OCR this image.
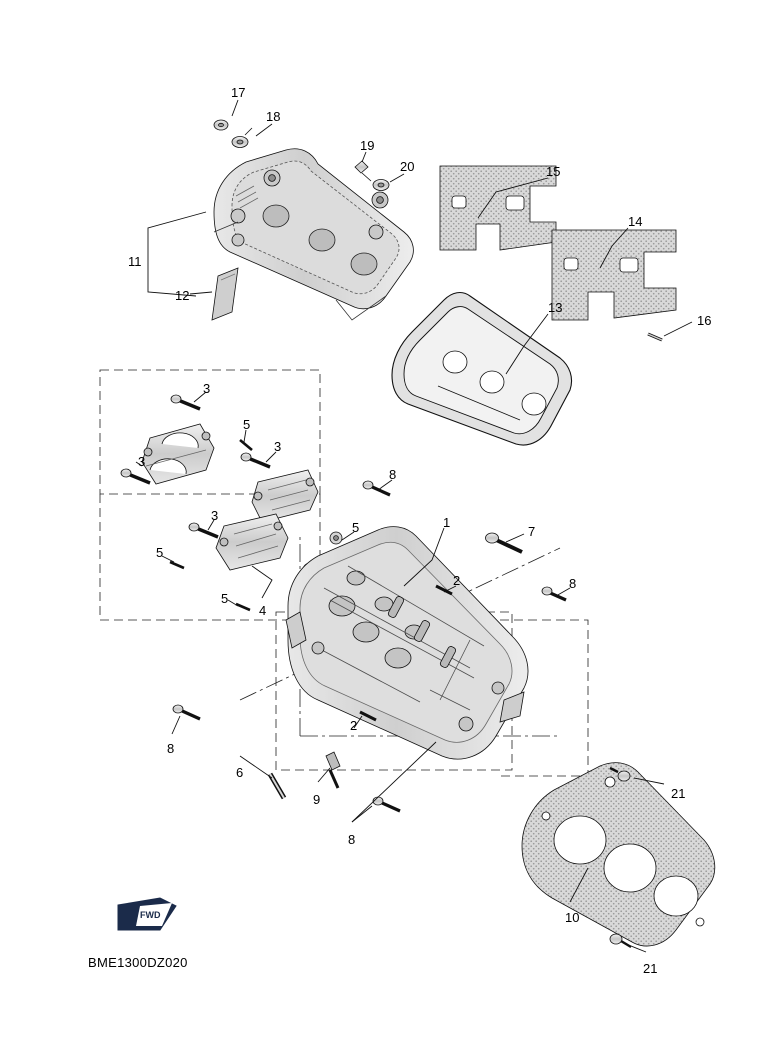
FWD
17
18
19
20	15
14
11
12
13
16
3
5
3
3
8
3
5
5	1
7
2	8
5
4
8
2
6
9
8
21
10
21
BME1300DZ020
